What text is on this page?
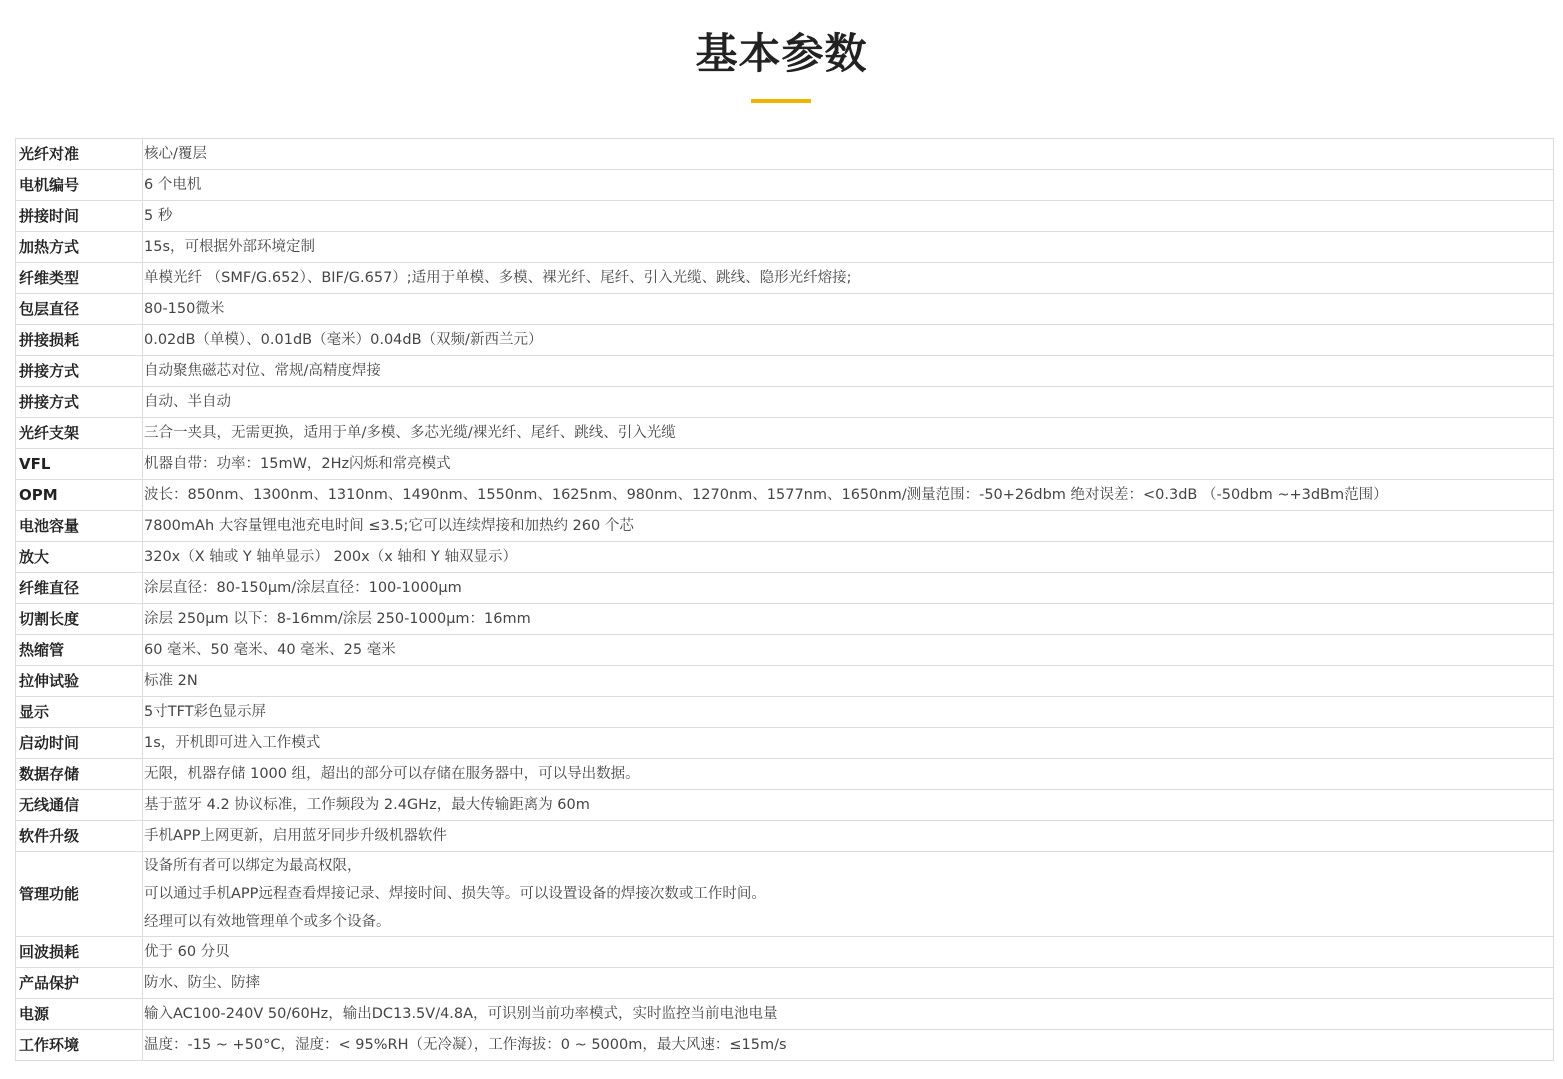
基本参数
光纤对准	核心/覆层
电机编号	6 个电机
拼接时间	5 秒
加热方式	15s，可根据外部环境定制
纤维类型	单模光纤 （SMF/G.652）、BIF/G.657）;适用于单模、多模、裸光纤、尾纤、引入光缆、跳线、隐形光纤熔接;
包层直径	80-150微米
拼接损耗	0.02dB（单模）、0.01dB（毫米）0.04dB（双频/新西兰元）
拼接方式	自动聚焦磁芯对位、常规/高精度焊接
拼接方式	自动、半自动
光纤支架	三合一夹具，无需更换，适用于单/多模、多芯光缆/裸光纤、尾纤、跳线、引入光缆
VFL	机器自带：功率：15mW，2Hz闪烁和常亮模式
OPM	波长：850nm、1300nm、1310nm、1490nm、1550nm、1625nm、980nm、1270nm、1577nm、1650nm/测量范围：-50+26dbm 绝对误差：<0.3dB （-50dbm ~+3dBm范围）
电池容量	7800mAh 大容量锂电池充电时间 ≤3.5;它可以连续焊接和加热约 260 个芯
放大	320x（X 轴或 Y 轴单显示） 200x（x 轴和 Y 轴双显示）
纤维直径	涂层直径：80-150μm/涂层直径：100-1000μm
切割长度	涂层 250μm 以下：8-16mm/涂层 250-1000μm：16mm
热缩管	60 毫米、50 毫米、40 毫米、25 毫米
拉伸试验	标准 2N
显示	5寸TFT彩色显示屏
启动时间	1s，开机即可进入工作模式
数据存储	无限，机器存储 1000 组，超出的部分可以存储在服务器中，可以导出数据。
无线通信	基于蓝牙 4.2 协议标准，工作频段为 2.4GHz，最大传输距离为 60m
软件升级	手机APP上网更新，启用蓝牙同步升级机器软件
管理功能	设备所有者可以绑定为最高权限，
可以通过手机APP远程查看焊接记录、焊接时间、损失等。可以设置设备的焊接次数或工作时间。
经理可以有效地管理单个或多个设备。

回波损耗	优于 60 分贝
产品保护	防水、防尘、防摔
电源	输入AC100-240V 50/60Hz，输出DC13.5V/4.8A，可识别当前功率模式，实时监控当前电池电量
工作环境	温度：-15 ~ +50°C，湿度：< 95%RH（无冷凝），工作海拔：0 ~ 5000m，最大风速：≤15m/s
